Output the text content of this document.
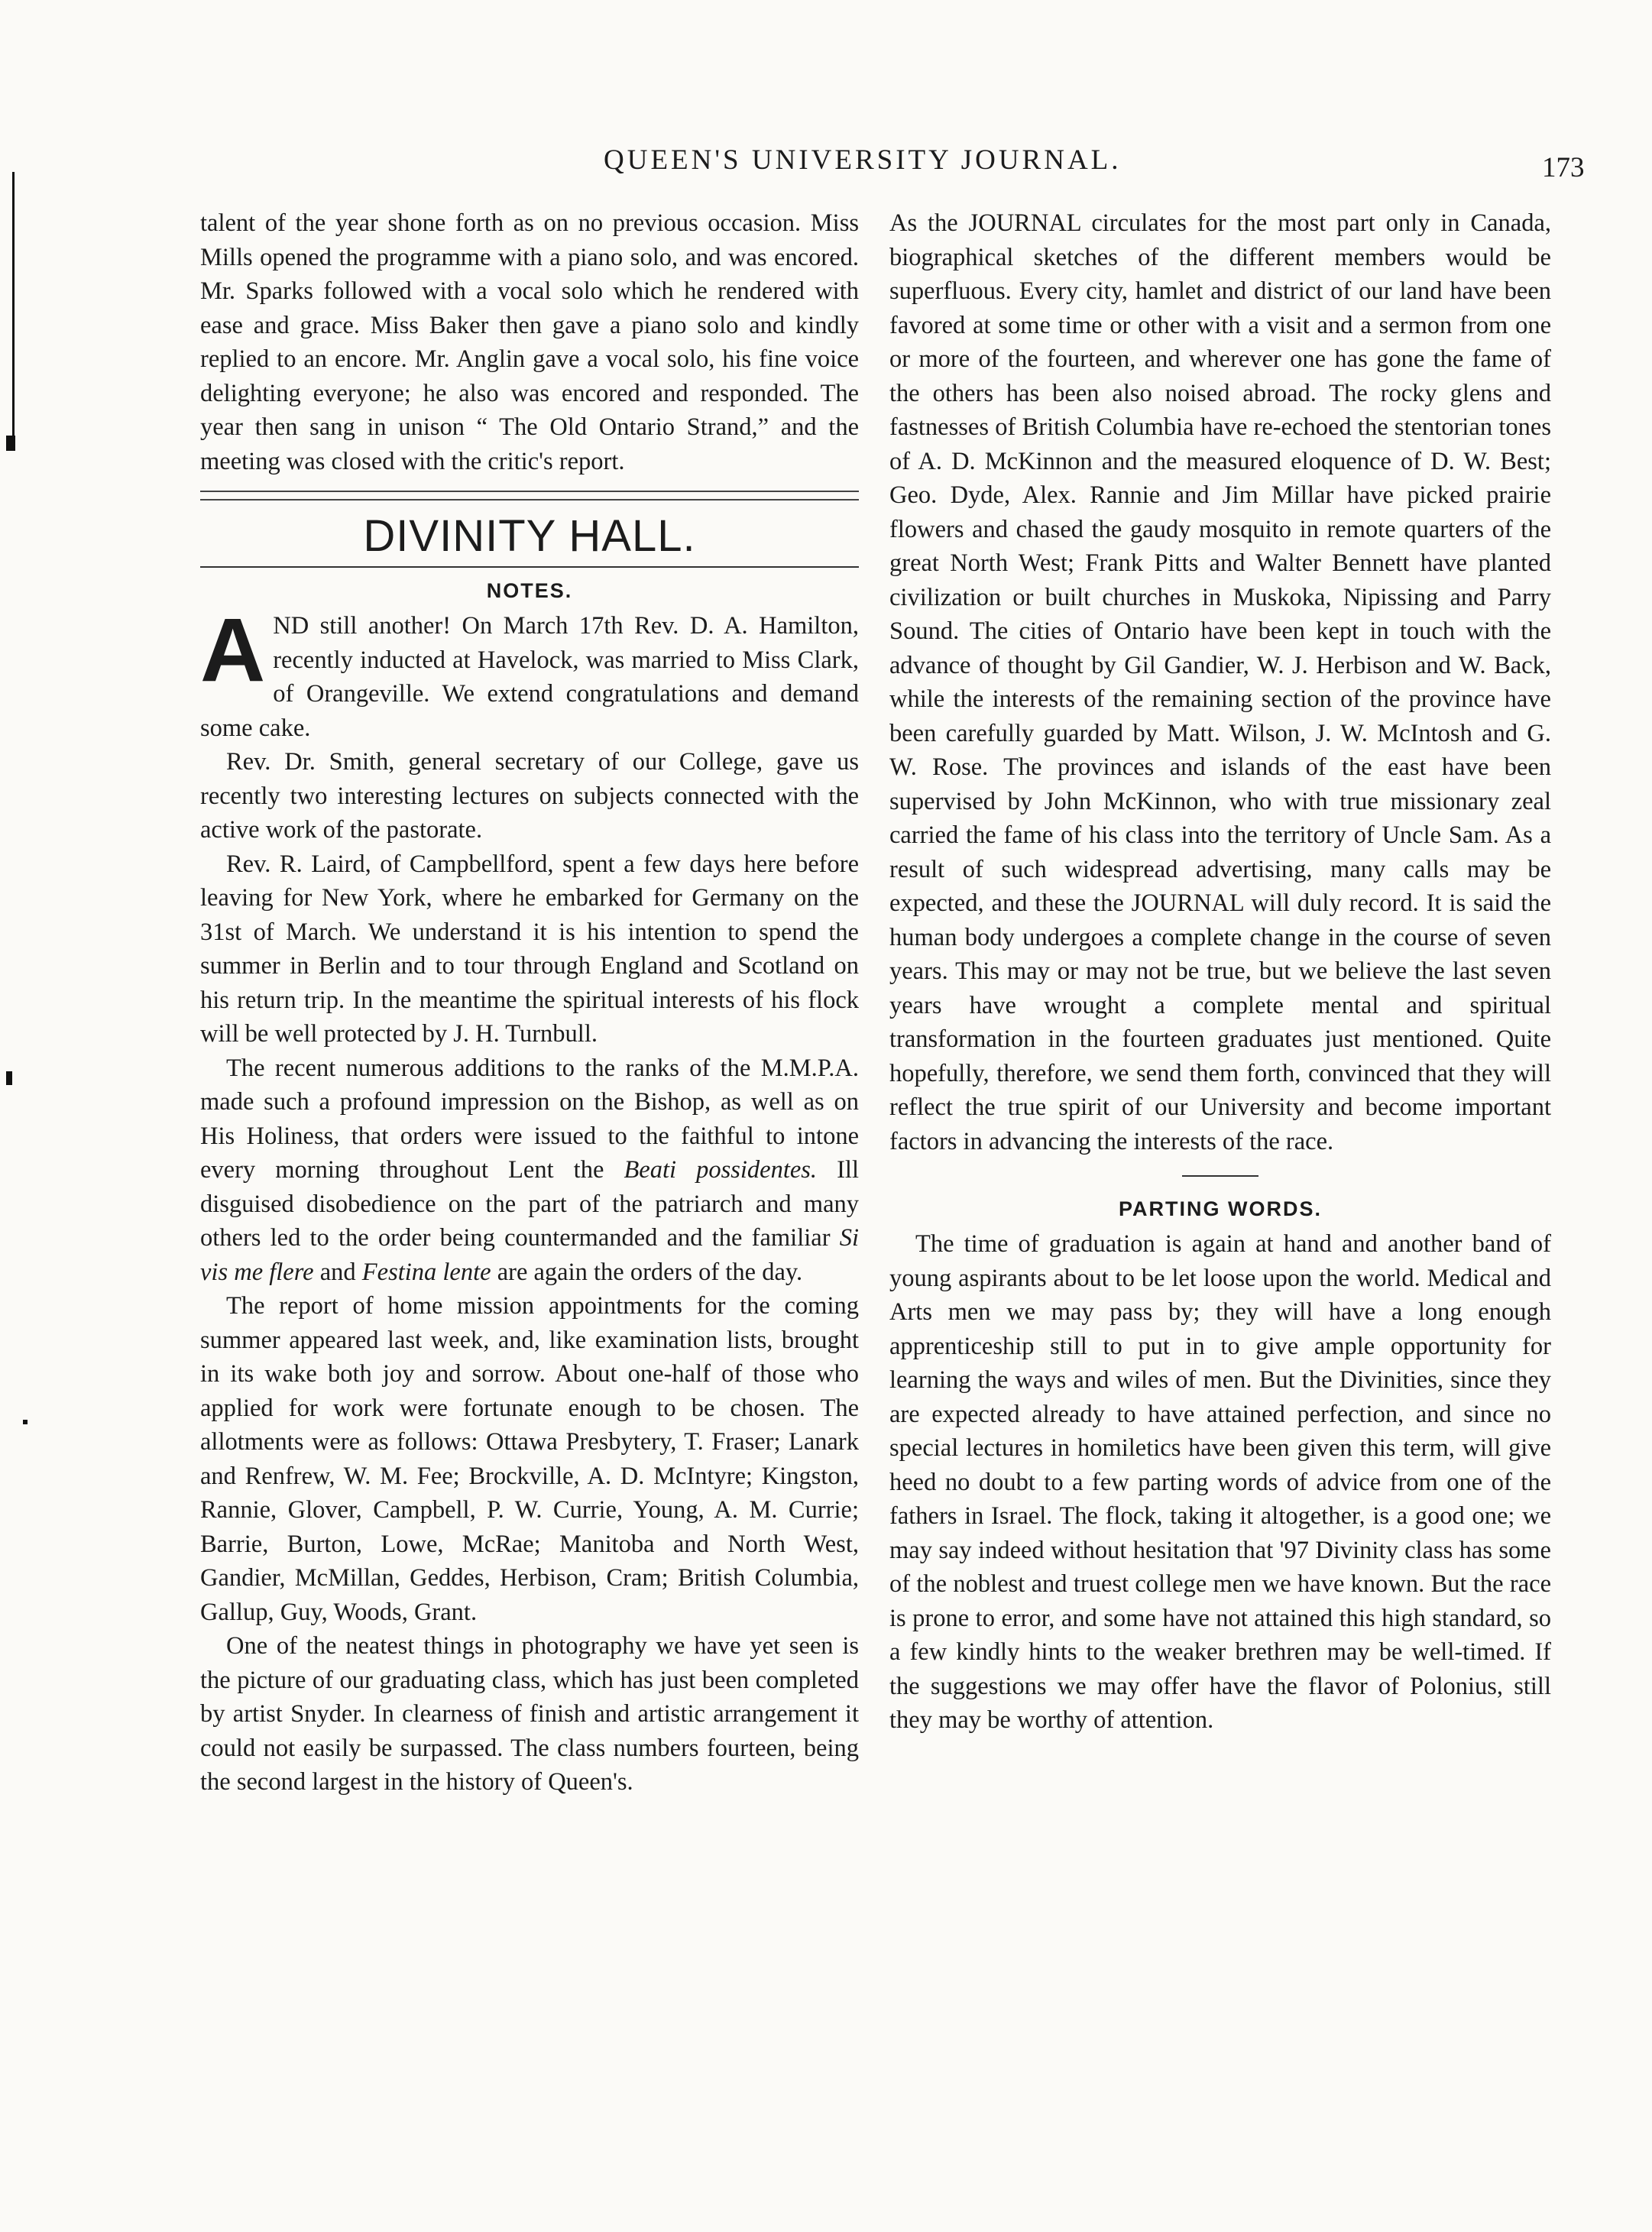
QUEEN'S UNIVERSITY JOURNAL.	173

talent of the year shone forth as on no previous occasion. Miss Mills opened the programme with a piano solo, and was encored. Mr. Sparks followed with a vocal solo which he rendered with ease and grace. Miss Baker then gave a piano solo and kindly replied to an encore. Mr. Anglin gave a vocal solo, his fine voice delighting everyone; he also was encored and responded. The year then sang in unison “ The Old Ontario Strand,” and the meeting was closed with the critic's report.

DIVINITY HALL.
NOTES.

AND still another! On March 17th Rev. D. A. Hamilton, recently inducted at Havelock, was married to Miss Clark, of Orangeville. We extend congratulations and demand some cake.

Rev. Dr. Smith, general secretary of our College, gave us recently two interesting lectures on subjects connected with the active work of the pastorate.

Rev. R. Laird, of Campbellford, spent a few days here before leaving for New York, where he embarked for Germany on the 31st of March. We understand it is his intention to spend the summer in Berlin and to tour through England and Scotland on his return trip. In the meantime the spiritual interests of his flock will be well protected by J. H. Turnbull.

The recent numerous additions to the ranks of the M.M.P.A. made such a profound impression on the Bishop, as well as on His Holiness, that orders were issued to the faithful to intone every morning throughout Lent the Beati possidentes. Ill disguised disobedience on the part of the patriarch and many others led to the order being countermanded and the familiar Si vis me flere and Festina lente are again the orders of the day.

The report of home mission appointments for the coming summer appeared last week, and, like examination lists, brought in its wake both joy and sorrow. About one-half of those who applied for work were fortunate enough to be chosen. The allotments were as follows: Ottawa Presbytery, T. Fraser; Lanark and Renfrew, W. M. Fee; Brockville, A. D. McIntyre; Kingston, Rannie, Glover, Campbell, P. W. Currie, Young, A. M. Currie; Barrie, Burton, Lowe, McRae; Manitoba and North West, Gandier, McMillan, Geddes, Herbison, Cram; British Columbia, Gallup, Guy, Woods, Grant.

One of the neatest things in photography we have yet seen is the picture of our graduating class, which has just been completed by artist Snyder. In clearness of finish and artistic arrangement it could not easily be surpassed. The class numbers fourteen, being the second largest in the history of Queen's.

As the JOURNAL circulates for the most part only in Canada, biographical sketches of the different members would be superfluous. Every city, hamlet and district of our land have been favored at some time or other with a visit and a sermon from one or more of the fourteen, and wherever one has gone the fame of the others has been also noised abroad. The rocky glens and fastnesses of British Columbia have re-echoed the stentorian tones of A. D. McKinnon and the measured eloquence of D. W. Best; Geo. Dyde, Alex. Rannie and Jim Millar have picked prairie flowers and chased the gaudy mosquito in remote quarters of the great North West; Frank Pitts and Walter Bennett have planted civilization or built churches in Muskoka, Nipissing and Parry Sound. The cities of Ontario have been kept in touch with the advance of thought by Gil Gandier, W. J. Herbison and W. Back, while the interests of the remaining section of the province have been carefully guarded by Matt. Wilson, J. W. McIntosh and G. W. Rose. The provinces and islands of the east have been supervised by John McKinnon, who with true missionary zeal carried the fame of his class into the territory of Uncle Sam. As a result of such widespread advertising, many calls may be expected, and these the JOURNAL will duly record. It is said the human body undergoes a complete change in the course of seven years. This may or may not be true, but we believe the last seven years have wrought a complete mental and spiritual transformation in the fourteen graduates just mentioned. Quite hopefully, therefore, we send them forth, convinced that they will reflect the true spirit of our University and become important factors in advancing the interests of the race.

PARTING WORDS.

The time of graduation is again at hand and another band of young aspirants about to be let loose upon the world. Medical and Arts men we may pass by; they will have a long enough apprenticeship still to put in to give ample opportunity for learning the ways and wiles of men. But the Divinities, since they are expected already to have attained perfection, and since no special lectures in homiletics have been given this term, will give heed no doubt to a few parting words of advice from one of the fathers in Israel. The flock, taking it altogether, is a good one; we may say indeed without hesitation that '97 Divinity class has some of the noblest and truest college men we have known. But the race is prone to error, and some have not attained this high standard, so a few kindly hints to the weaker brethren may be well-timed. If the suggestions we may offer have the flavor of Polonius, still they may be worthy of attention.
